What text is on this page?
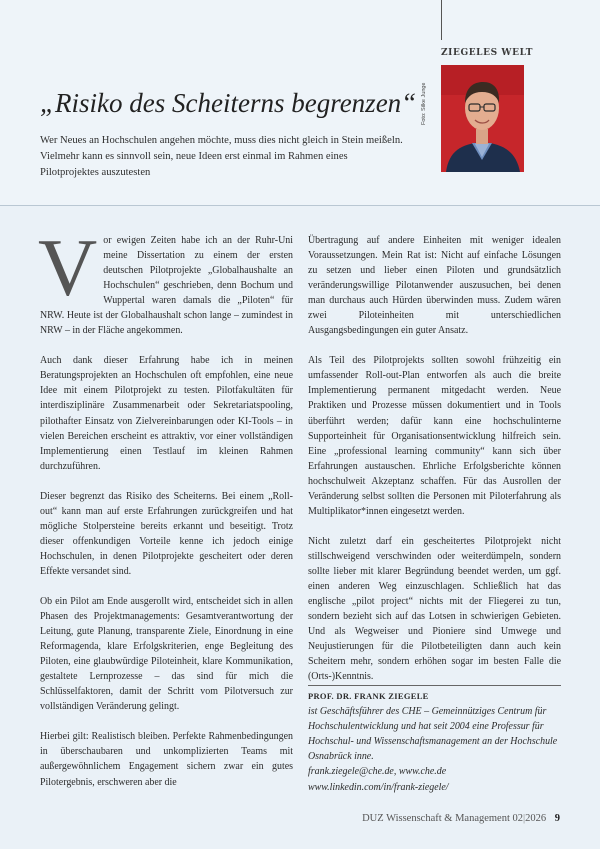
ZIEGELES WELT
Foto: Silke Junge
„Risiko des Scheiterns begrenzen“

Wer Neues an Hochschulen angehen möchte, muss dies nicht gleich in Stein meißeln. Vielmehr kann es sinnvoll sein, neue Ideen erst einmal im Rahmen eines Pilotprojektes auszutesten

Vor ewigen Zeiten habe ich an der Ruhr-Uni meine Dissertation zu einem der ersten deutschen Pilotprojekte „Globalhaushalte an Hochschulen“ geschrieben, denn Bochum und Wuppertal waren damals die „Piloten“ für NRW. Heute ist der Globalhaushalt schon lange – zumindest in NRW – in der Fläche angekommen.

Auch dank dieser Erfahrung habe ich in meinen Beratungsprojekten an Hochschulen oft empfohlen, eine neue Idee mit einem Pilotprojekt zu testen. Pilotfakultäten für interdisziplinäre Zusammenarbeit oder Sekretariatspooling, pilothafter Einsatz von Zielvereinbarungen oder KI-Tools – in vielen Bereichen erscheint es attraktiv, vor einer vollständigen Implementierung einen Testlauf im kleinen Rahmen durchzuführen.

Dieser begrenzt das Risiko des Scheiterns. Bei einem „Roll-out“ kann man auf erste Erfahrungen zurückgreifen und hat mögliche Stolpersteine bereits erkannt und beseitigt. Trotz dieser offenkundigen Vorteile kenne ich jedoch einige Hochschulen, in denen Pilotprojekte gescheitert oder deren Effekte versandet sind.

Ob ein Pilot am Ende ausgerollt wird, entscheidet sich in allen Phasen des Projektmanagements: Gesamtverantwortung der Leitung, gute Planung, transparente Ziele, Einordnung in eine Reformagenda, klare Erfolgskriterien, enge Begleitung des Piloten, eine glaubwürdige Piloteinheit, klare Kommunikation, gestaltete Lernprozesse – das sind für mich die Schlüsselfaktoren, damit der Schritt vom Pilotversuch zur vollständigen Veränderung gelingt.

Hierbei gilt: Realistisch bleiben. Perfekte Rahmenbedingungen in überschaubaren und unkomplizierten Teams mit außergewöhnlichem Engagement sichern zwar ein gutes Pilotergebnis, erschweren aber die

Übertragung auf andere Einheiten mit weniger idealen Voraussetzungen. Mein Rat ist: Nicht auf einfache Lösungen zu setzen und lieber einen Piloten und grundsätzlich veränderungswillige Pilotanwender auszusuchen, bei denen man durchaus auch Hürden überwinden muss. Zudem wären zwei Piloteinheiten mit unterschiedlichen Ausgangsbedingungen ein guter Ansatz.

Als Teil des Pilotprojekts sollten sowohl frühzeitig ein umfassender Roll-out-Plan entworfen als auch die breite Implementierung permanent mitgedacht werden. Neue Praktiken und Prozesse müssen dokumentiert und in Tools überführt werden; dafür kann eine hochschulinterne Supporteinheit für Organisationsentwicklung hilfreich sein. Eine „professional learning community“ kann sich über Erfahrungen austauschen. Ehrliche Erfolgsberichte können hochschulweit Akzeptanz schaffen. Für das Ausrollen der Veränderung selbst sollten die Personen mit Piloterfahrung als Multiplikator*innen eingesetzt werden.

Nicht zuletzt darf ein gescheitertes Pilotprojekt nicht stillschweigend verschwinden oder weiterdümpeln, sondern sollte lieber mit klarer Begründung beendet werden, um ggf. einen anderen Weg einzuschlagen. Schließlich hat das englische „pilot project“ nichts mit der Fliegerei zu tun, sondern bezieht sich auf das Lotsen in schwierigen Gebieten. Und als Wegweiser und Pioniere sind Umwege und Neujustierungen für die Pilotbeteiligten dann auch kein Scheitern mehr, sondern erhöhen sogar im besten Falle die (Orts-)Kenntnis.

PROF. DR. FRANK ZIEGELE
ist Geschäftsführer des CHE – Gemeinnütziges Centrum für Hochschulentwicklung und hat seit 2004 eine Professur für Hochschul- und Wissenschaftsmanagement an der Hochschule Osnabrück inne.
frank.ziegele@che.de, www.che.de
www.linkedin.com/in/frank-ziegele/
DUZ Wissenschaft & Management 02|2026 9
